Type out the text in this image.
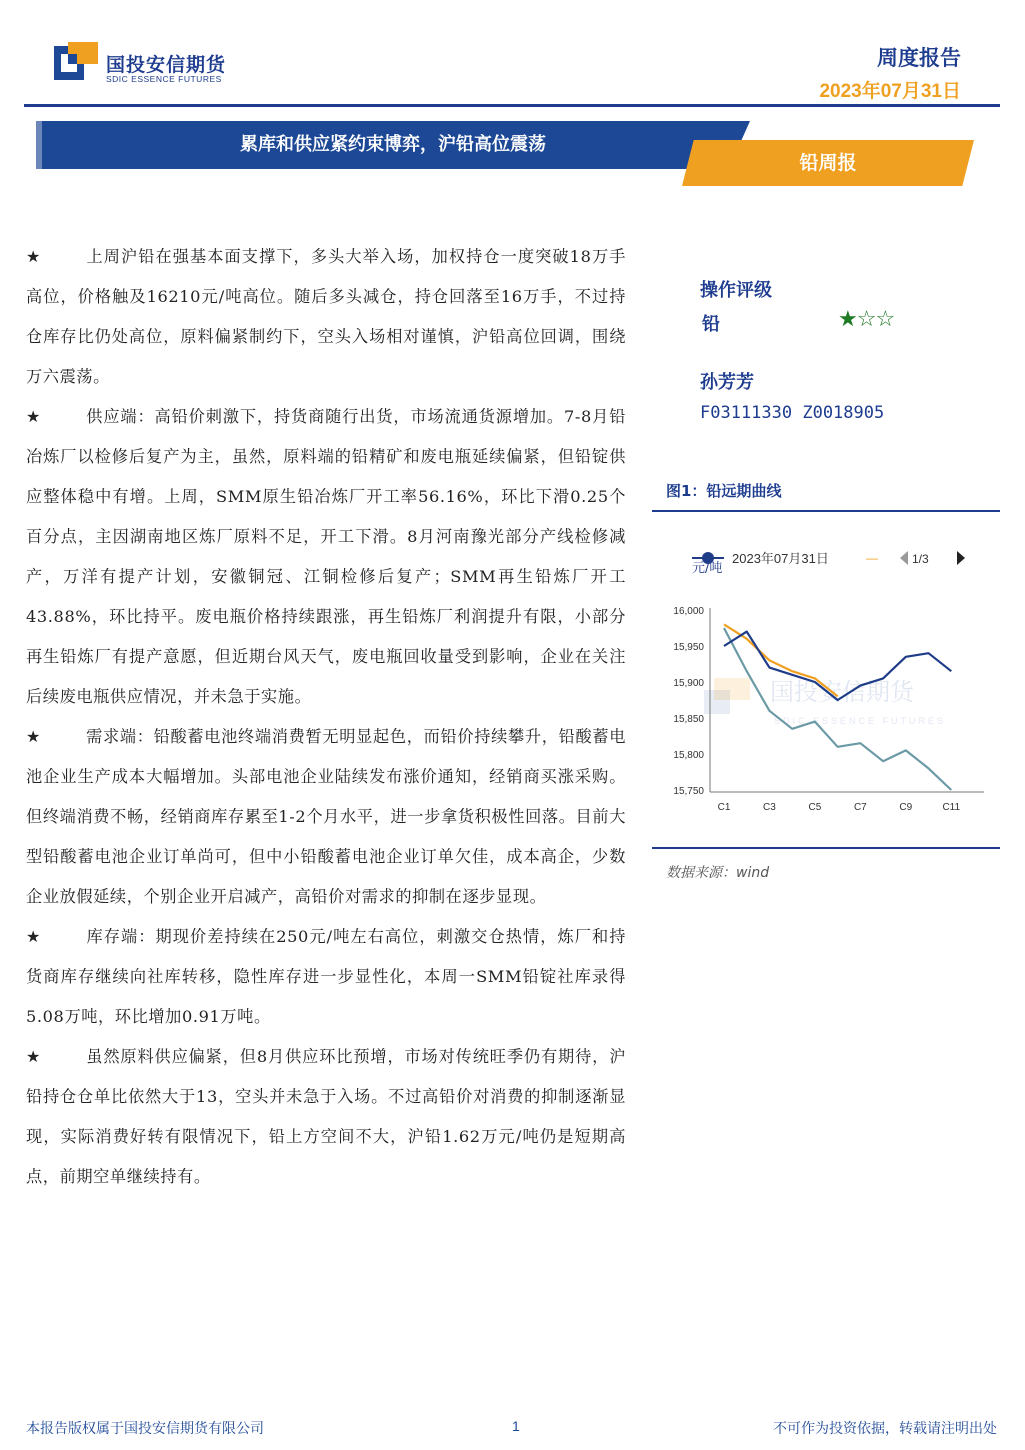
国投安信期货
SDIC ESSENCE FUTURES
周度报告
2023年07月31日
累库和供应紧约束博弈，沪铅高位震荡
铅周报

★	上周沪铅在强基本面支撑下，多头大举入场，加权持仓一度突破18万手高位，价格触及16210元/吨高位。随后多头减仓，持仓回落至16万手，不过持仓库存比仍处高位，原料偏紧制约下，空头入场相对谨慎，沪铅高位回调，围绕万六震荡。

★	供应端：高铅价刺激下，持货商随行出货，市场流通货源增加。7-8月铅冶炼厂以检修后复产为主，虽然，原料端的铅精矿和废电瓶延续偏紧，但铅锭供应整体稳中有增。上周，SMM原生铅冶炼厂开工率56.16%，环比下滑0.25个百分点，主因湖南地区炼厂原料不足，开工下滑。8月河南豫光部分产线检修减产，万洋有提产计划，安徽铜冠、江铜检修后复产；SMM再生铅炼厂开工43.88%，环比持平。废电瓶价格持续跟涨，再生铅炼厂利润提升有限，小部分再生铅炼厂有提产意愿，但近期台风天气，废电瓶回收量受到影响，企业在关注后续废电瓶供应情况，并未急于实施。

★	需求端：铅酸蓄电池终端消费暂无明显起色，而铅价持续攀升，铅酸蓄电池企业生产成本大幅增加。头部电池企业陆续发布涨价通知，经销商买涨采购。但终端消费不畅，经销商库存累至1-2个月水平，进一步拿货积极性回落。目前大型铅酸蓄电池企业订单尚可，但中小铅酸蓄电池企业订单欠佳，成本高企，少数企业放假延续，个别企业开启减产，高铅价对需求的抑制在逐步显现。

★	库存端：期现价差持续在250元/吨左右高位，刺激交仓热情，炼厂和持货商库存继续向社库转移，隐性库存进一步显性化，本周一SMM铅锭社库录得5.08万吨，环比增加0.91万吨。

★	虽然原料供应偏紧，但8月供应环比预增，市场对传统旺季仍有期待，沪铅持仓仓单比依然大于13，空头并未急于入场。不过高铅价对消费的抑制逐渐显现，实际消费好转有限情况下，铅上方空间不大，沪铅1.62万元/吨仍是短期高点，前期空单继续持有。

操作评级
铅	★☆☆
孙芳芳
F03111330 Z0018905
图1：铅远期曲线
2023年07月31日	—	1/3
元/吨
国投安信期货
SDIC ESSENCE FUTURES
16,000
15,950
15,900
15,850
15,800
15,750
C1	C3	C5	C7	C9	C11
数据来源：wind
本报告版权属于国投安信期货有限公司	1	不可作为投资依据，转载请注明出处
